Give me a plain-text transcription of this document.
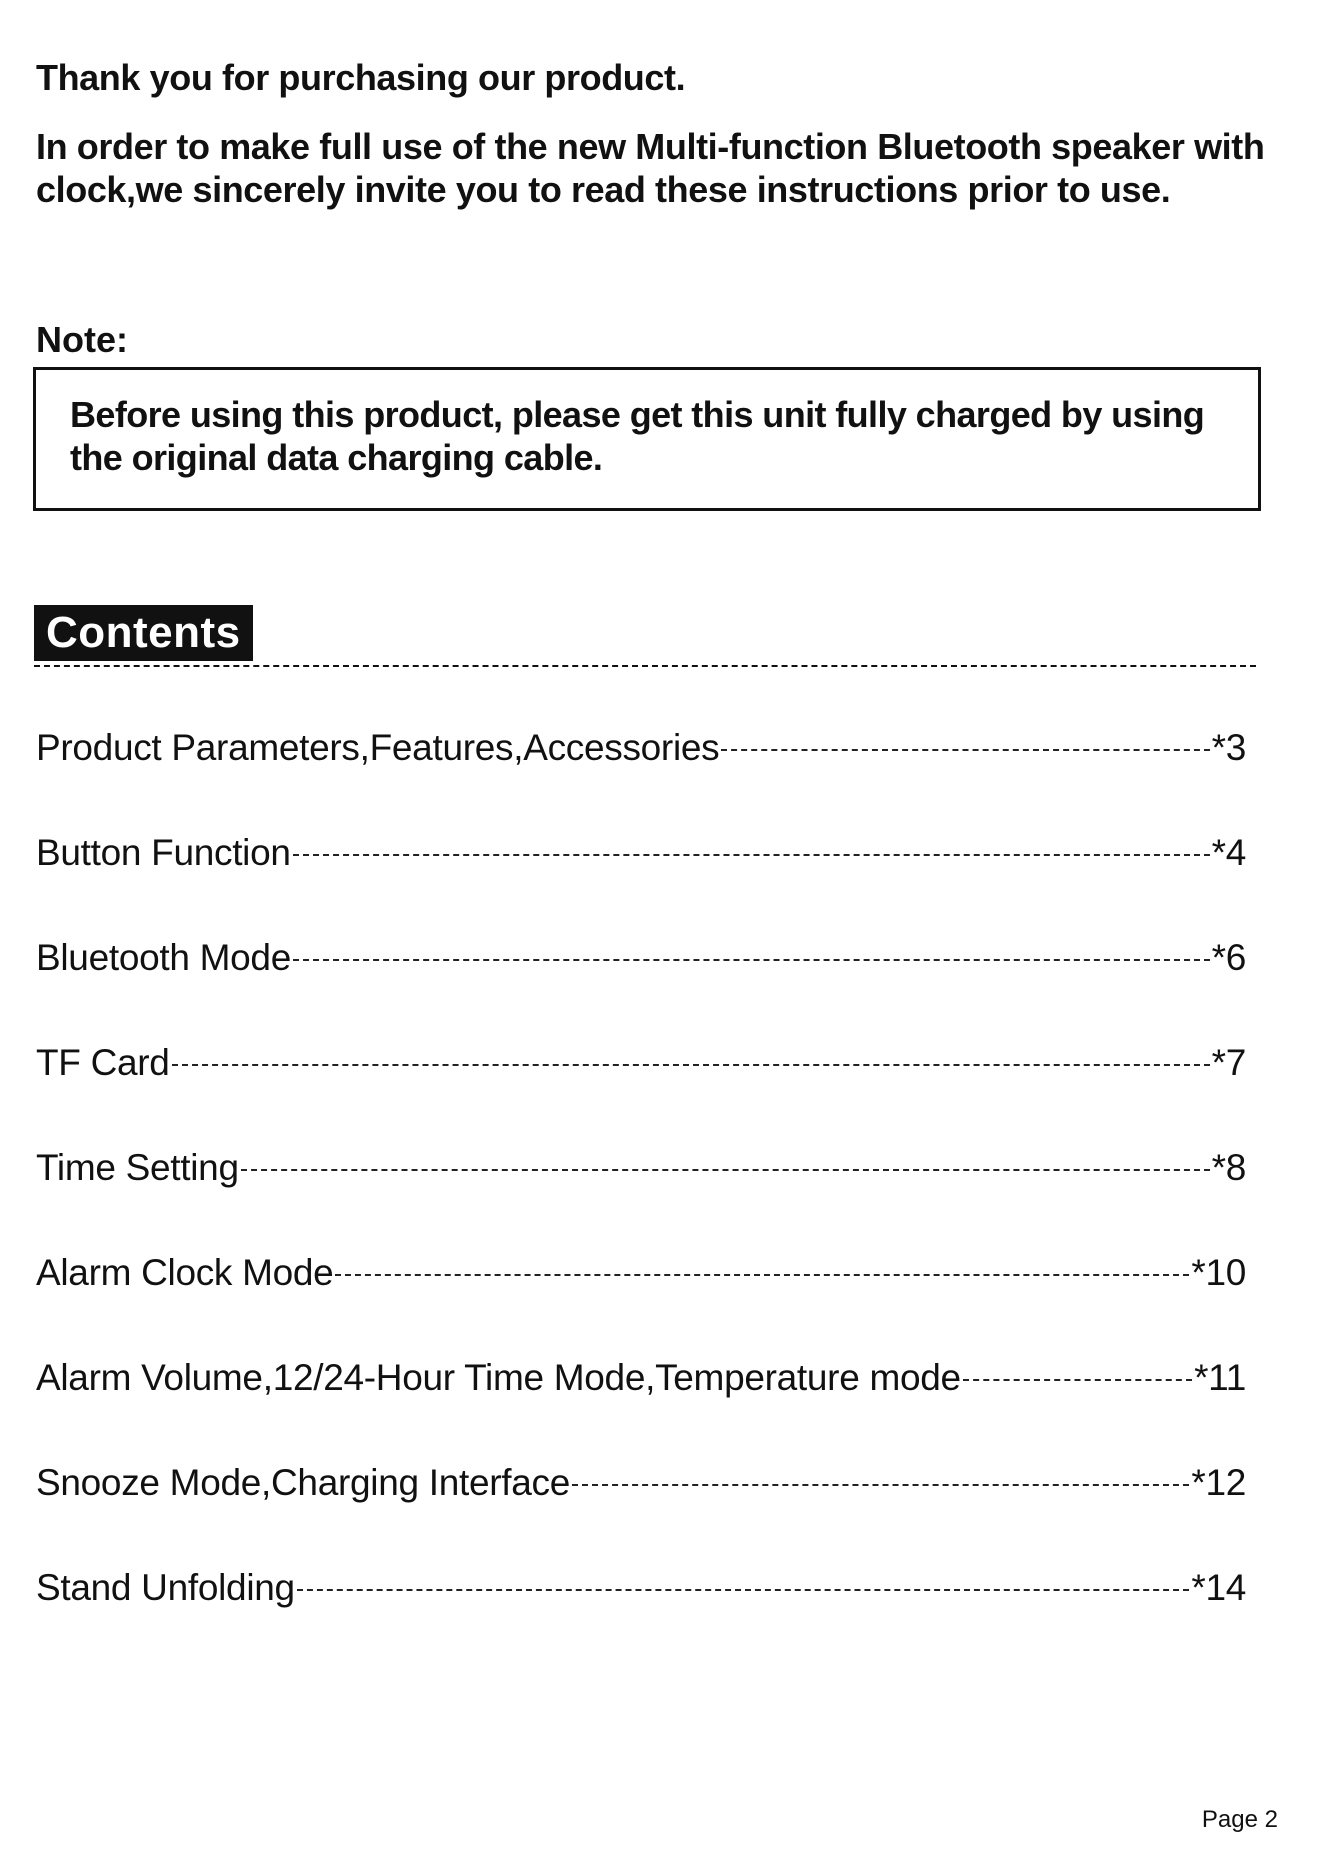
Thank you for purchasing our product.

In order to make full use of the new Multi-function Bluetooth speaker with clock,we sincerely invite you to read these instructions prior to use.

Note:
Before using this product, please get this unit fully charged by using the original data charging cable.
Contents
Product Parameters,Features,Accessories	*3
Button Function	*4
Bluetooth Mode	*6
TF Card	*7
Time Setting	*8
Alarm Clock Mode	*10
Alarm Volume,12/24-Hour Time Mode,Temperature mode	*11
Snooze Mode,Charging Interface	*12
Stand Unfolding	*14
Page 2
